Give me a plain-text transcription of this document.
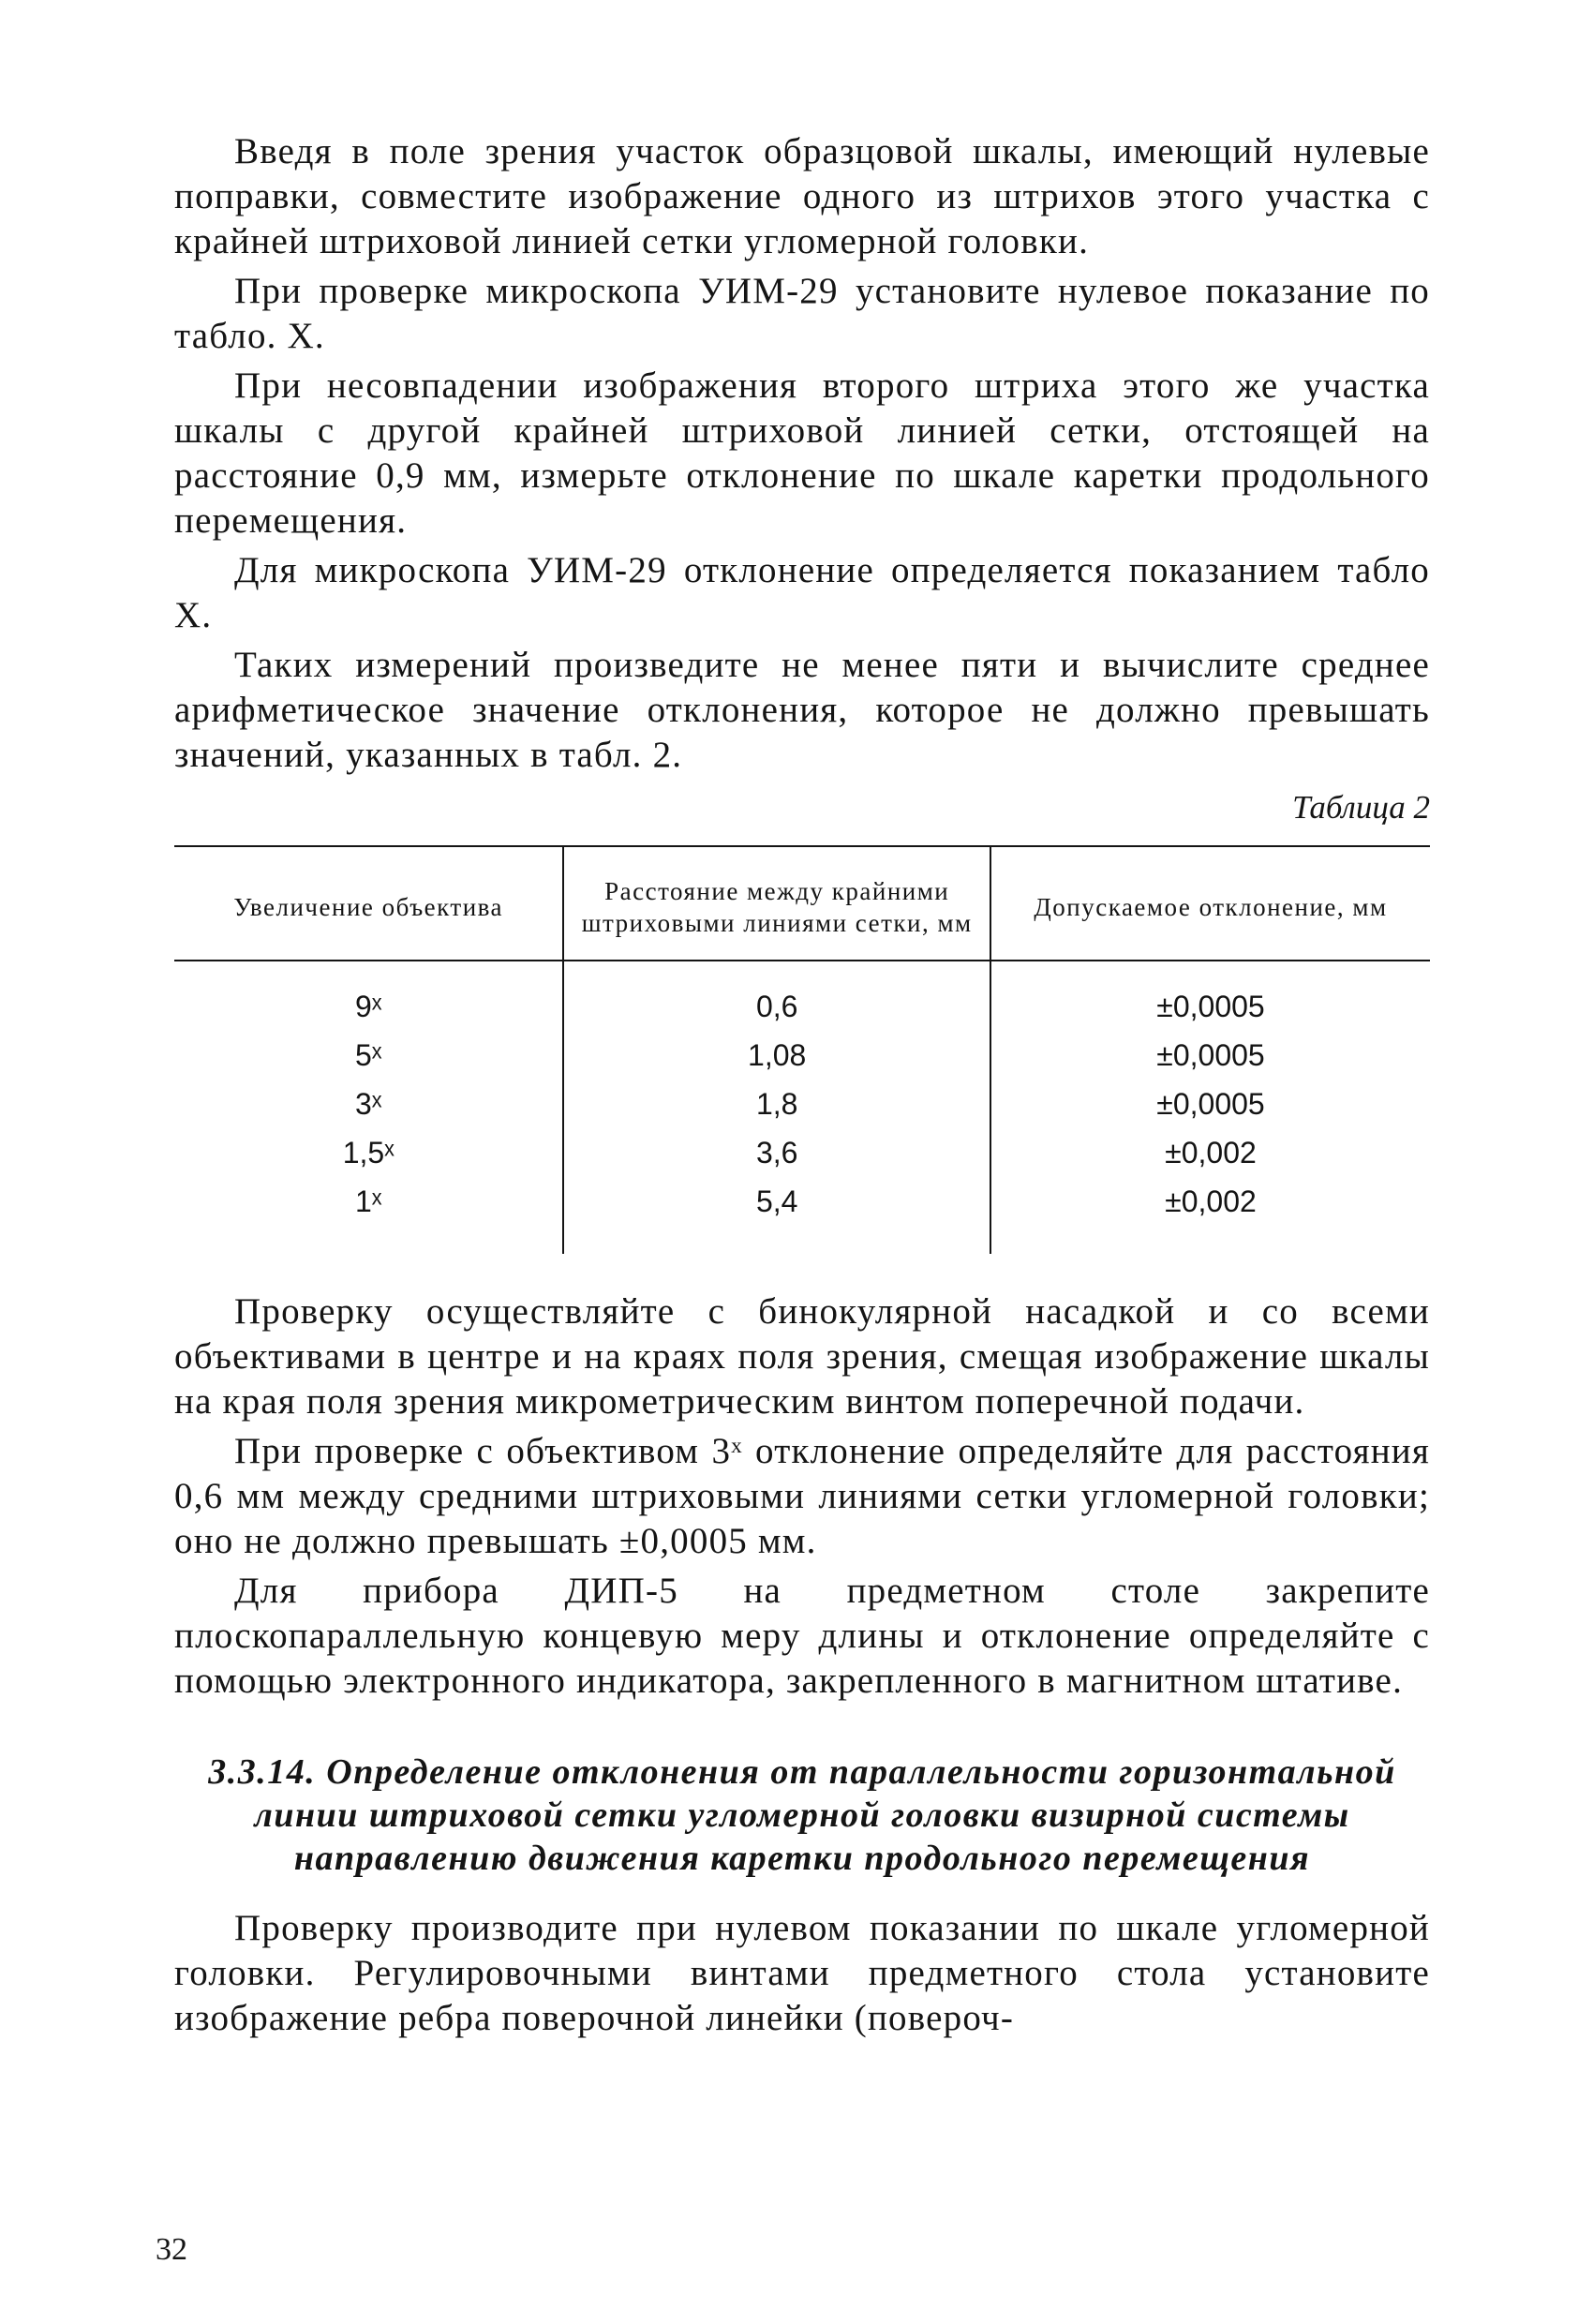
Введя в поле зрения участок образцовой шкалы, имеющий нулевые поправки, совместите изображение одного из штрихов этого участка с крайней штриховой линией сетки угломерной головки.

При проверке микроскопа УИМ-29 установите нулевое показание по табло. X.

При несовпадении изображения второго штриха этого же участка шкалы с другой крайней штриховой линией сетки, отстоящей на расстояние 0,9 мм, измерьте отклонение по шкале каретки продольного перемещения.

Для микроскопа УИМ-29 отклонение определяется показанием табло X.

Таких измерений произведите не менее пяти и вычислите среднее арифметическое значение отклонения, которое не должно превышать значений, указанных в табл. 2.

Таблица 2
Увеличение объектива	Расстояние между крайними штриховыми линиями сетки, мм	Допускаемое отклонение, мм
9ˣ	0,6	±0,0005
5ˣ	1,08	±0,0005
3ˣ	1,8	±0,0005
1,5ˣ	3,6	±0,002
1ˣ	5,4	±0,002

Проверку осуществляйте с бинокулярной насадкой и со всеми объективами в центре и на краях поля зрения, смещая изображение шкалы на края поля зрения микрометрическим винтом поперечной подачи.

При проверке с объективом 3ˣ отклонение определяйте для расстояния 0,6 мм между средними штриховыми линиями сетки угломерной головки; оно не должно превышать ±0,0005 мм.

Для прибора ДИП-5 на предметном столе закрепите плоскопараллельную концевую меру длины и отклонение определяйте с помощью электронного индикатора, закрепленного в магнитном штативе.

3.3.14. Определение отклонения от параллельности горизонтальной линии штриховой сетки угломерной головки визирной системы направлению движения каретки продольного перемещения

Проверку производите при нулевом показании по шкале угломерной головки. Регулировочными винтами предметного стола установите изображение ребра поверочной линейки (повероч-

32
